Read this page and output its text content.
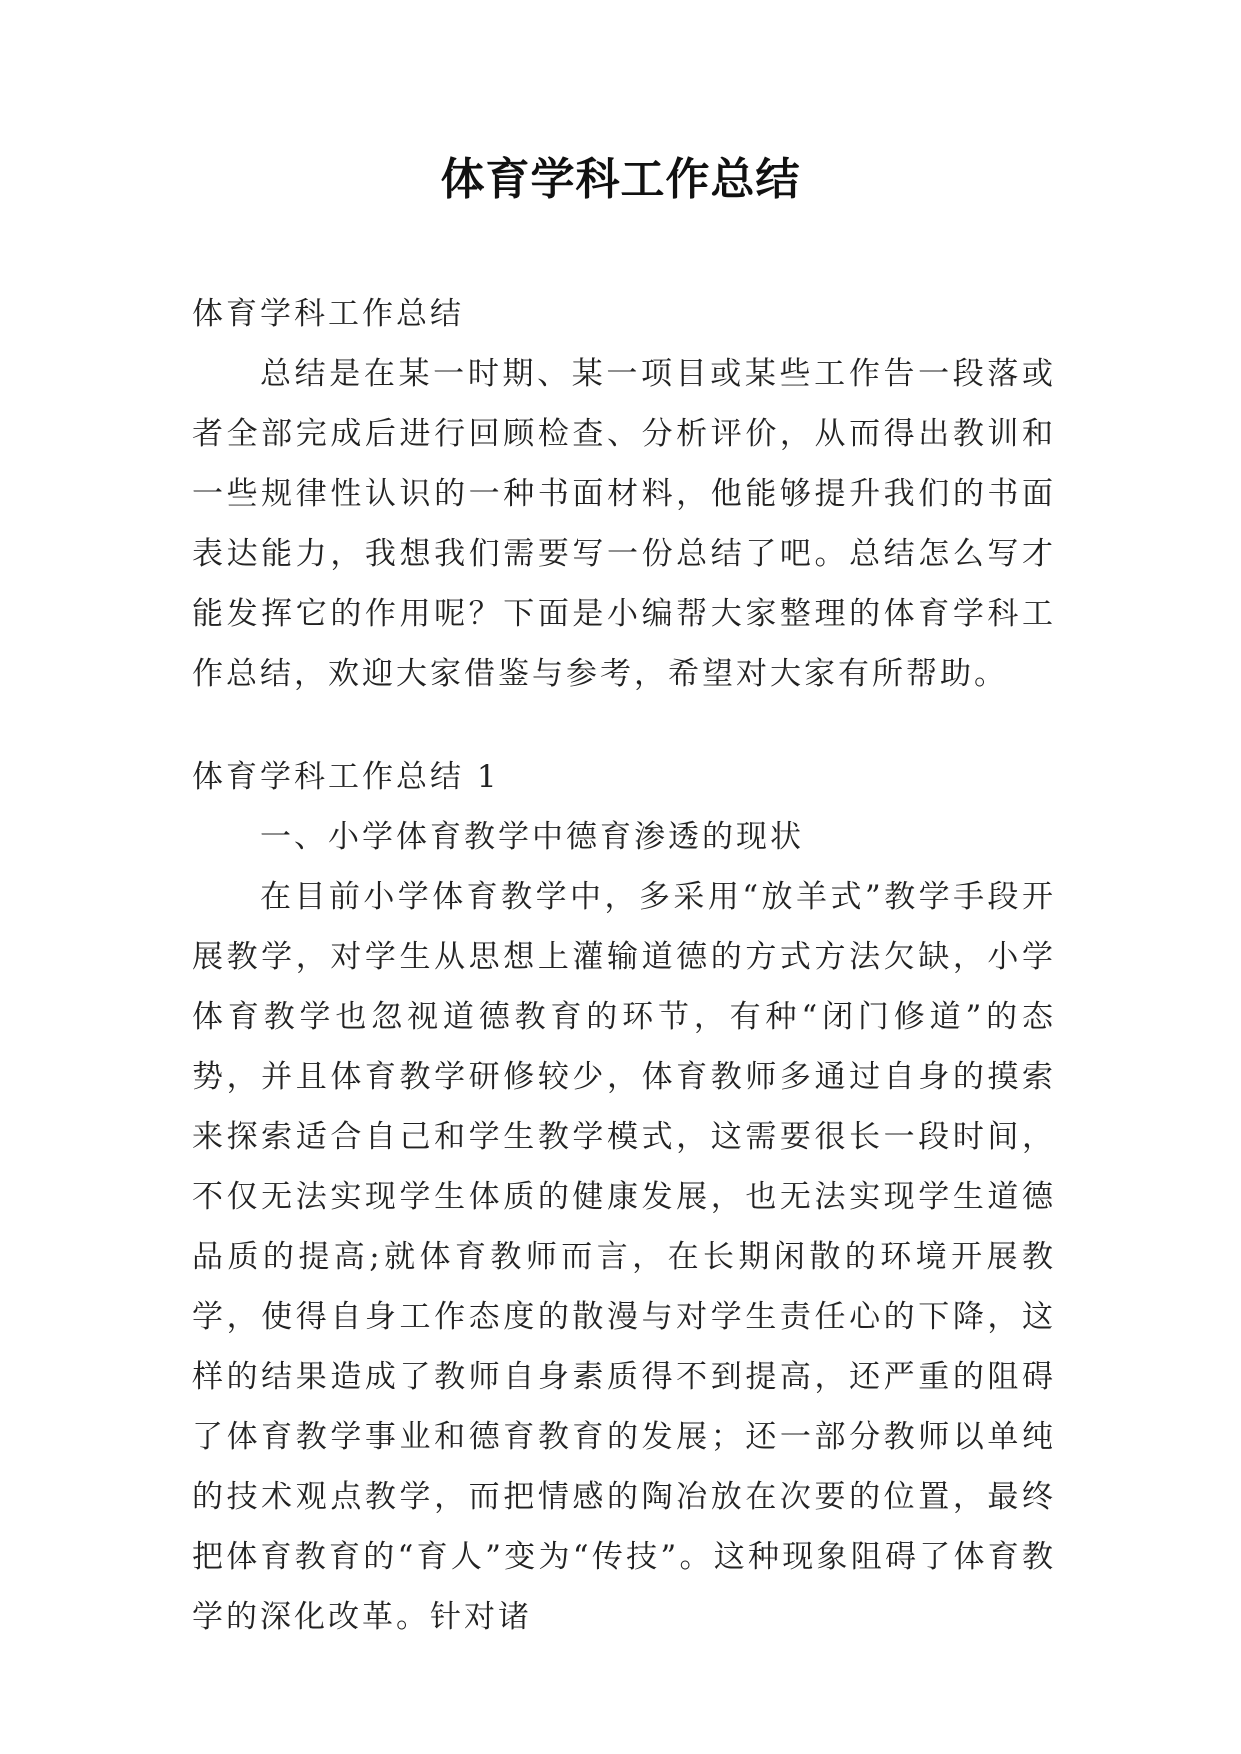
体育学科工作总结

体育学科工作总结

总结是在某一时期、某一项目或某些工作告一段落或者全部完成后进行回顾检查、分析评价，从而得出教训和一些规律性认识的一种书面材料，他能够提升我们的书面表达能力，我想我们需要写一份总结了吧。总结怎么写才能发挥它的作用呢？下面是小编帮大家整理的体育学科工作总结，欢迎大家借鉴与参考，希望对大家有所帮助。

体育学科工作总结 1

一、小学体育教学中德育渗透的现状

在目前小学体育教学中，多采用“放羊式”教学手段开展教学，对学生从思想上灌输道德的方式方法欠缺，小学体育教学也忽视道德教育的环节，有种“闭门修道”的态势，并且体育教学研修较少，体育教师多通过自身的摸索来探索适合自己和学生教学模式，这需要很长一段时间，不仅无法实现学生体质的健康发展，也无法实现学生道德品质的提高;就体育教师而言，在长期闲散的环境开展教学，使得自身工作态度的散漫与对学生责任心的下降，这样的结果造成了教师自身素质得不到提高，还严重的阻碍了体育教学事业和德育教育的发展；还一部分教师以单纯的技术观点教学，而把情感的陶冶放在次要的位置，最终把体育教育的“育人”变为“传技”。这种现象阻碍了体育教学的深化改革。针对诸
